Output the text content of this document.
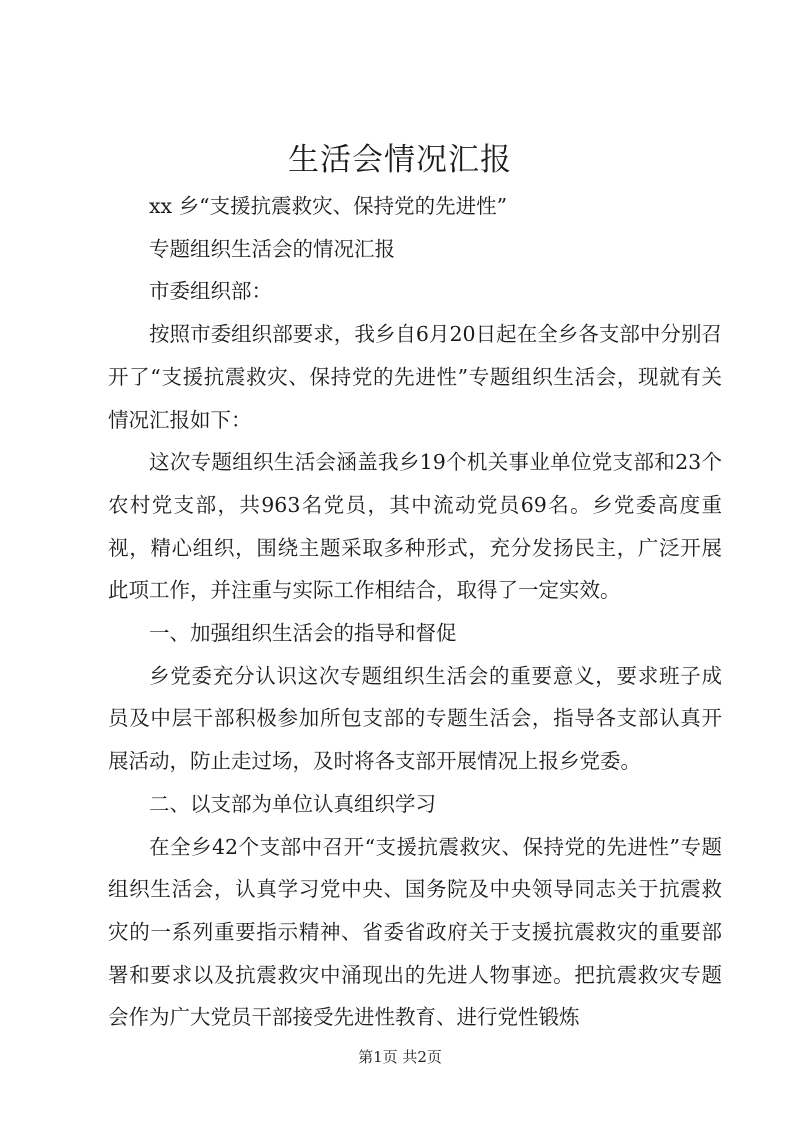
生活会情况汇报

xx 乡“支援抗震救灾、保持党的先进性”

专题组织生活会的情况汇报

市委组织部：

按照市委组织部要求，我乡自6月20日起在全乡各支部中分别召开了“支援抗震救灾、保持党的先进性”专题组织生活会，现就有关情况汇报如下：

这次专题组织生活会涵盖我乡19个机关事业单位党支部和23个农村党支部，共963名党员，其中流动党员69名。乡党委高度重视，精心组织，围绕主题采取多种形式，充分发扬民主，广泛开展此项工作，并注重与实际工作相结合，取得了一定实效。

一、加强组织生活会的指导和督促

乡党委充分认识这次专题组织生活会的重要意义，要求班子成员及中层干部积极参加所包支部的专题生活会，指导各支部认真开展活动，防止走过场，及时将各支部开展情况上报乡党委。

二、以支部为单位认真组织学习

在全乡42个支部中召开“支援抗震救灾、保持党的先进性”专题组织生活会，认真学习党中央、国务院及中央领导同志关于抗震救灾的一系列重要指示精神、省委省政府关于支援抗震救灾的重要部署和要求以及抗震救灾中涌现出的先进人物事迹。把抗震救灾专题会作为广大党员干部接受先进性教育、进行党性锻炼

第1页 共2页
